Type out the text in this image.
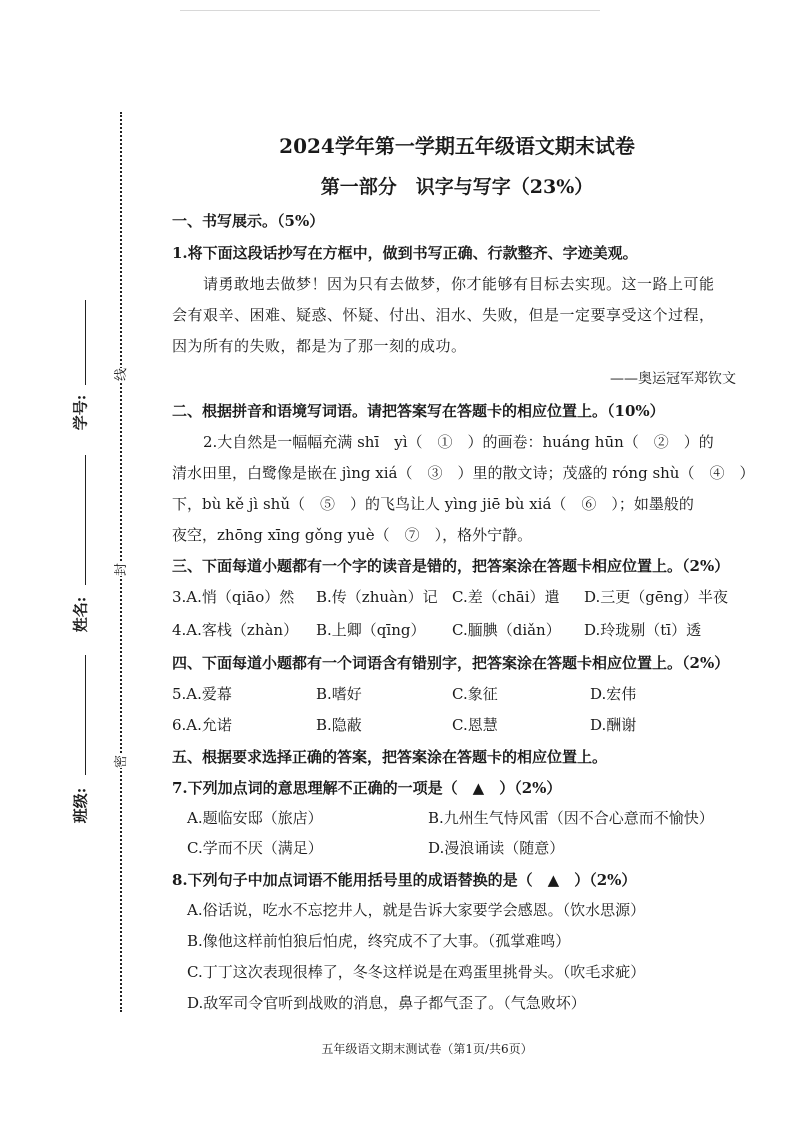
学号:
姓名:
班级:
线
封
密
2024学年第一学期五年级语文期末试卷
第一部分　识字与写字（23%）
一、书写展示。（5%）
1.将下面这段话抄写在方框中，做到书写正确、行款整齐、字迹美观。
请勇敢地去做梦！因为只有去做梦，你才能够有目标去实现。这一路上可能
会有艰辛、困难、疑惑、怀疑、付出、泪水、失败，但是一定要享受这个过程，
因为所有的失败，都是为了那一刻的成功。
——奥运冠军郑钦文
二、根据拼音和语境写词语。请把答案写在答题卡的相应位置上。（10%）
2.大自然是一幅幅充满 shī　yì（　①　）的画卷：huáng hūn（　②　）的
清水田里，白鹭像是嵌在 jìng xiá（　③　）里的散文诗；茂盛的 róng shù（　④　）
下，bù kě jì shǔ（　⑤　）的飞鸟让人 yìng jiē bù xiá（　⑥　）；如墨般的
夜空，zhōng xīng gǒng yuè（　⑦　），格外宁静。
三、下面每道小题都有一个字的读音是错的，把答案涂在答题卡相应位置上。（2%）
3.A.悄（qiāo）然 B.传（zhuàn）记 C.差（chāi）遣 D.三更（gēng）半夜
4.A.客栈（zhàn） B.上卿（qīng） C.腼腆（diǎn） D.玲珑剔（tī）透
四、下面每道小题都有一个词语含有错别字，把答案涂在答题卡相应位置上。（2%）
5.A.爱幕	B.嗜好	C.象征	D.宏伟
6.A.允诺	B.隐蔽	C.恩慧	D.酬谢
五、根据要求选择正确的答案，把答案涂在答题卡的相应位置上。
7.下列加点词的意思理解不正确的一项是（　▲　）（2%）
A.题临安邸（旅店）	B.九州生气恃风雷（因不合心意而不愉快）
C.学而不厌（满足）	D.漫浪诵读（随意）
8.下列句子中加点词语不能用括号里的成语替换的是（　▲　）（2%）
A.俗话说，吃水不忘挖井人，就是告诉大家要学会感恩。（饮水思源）
B.像他这样前怕狼后怕虎，终究成不了大事。（孤掌难鸣）
C.丁丁这次表现很棒了，冬冬这样说是在鸡蛋里挑骨头。（吹毛求疵）
D.敌军司令官听到战败的消息，鼻子都气歪了。（气急败坏）
五年级语文期末测试卷（第1页/共6页）
